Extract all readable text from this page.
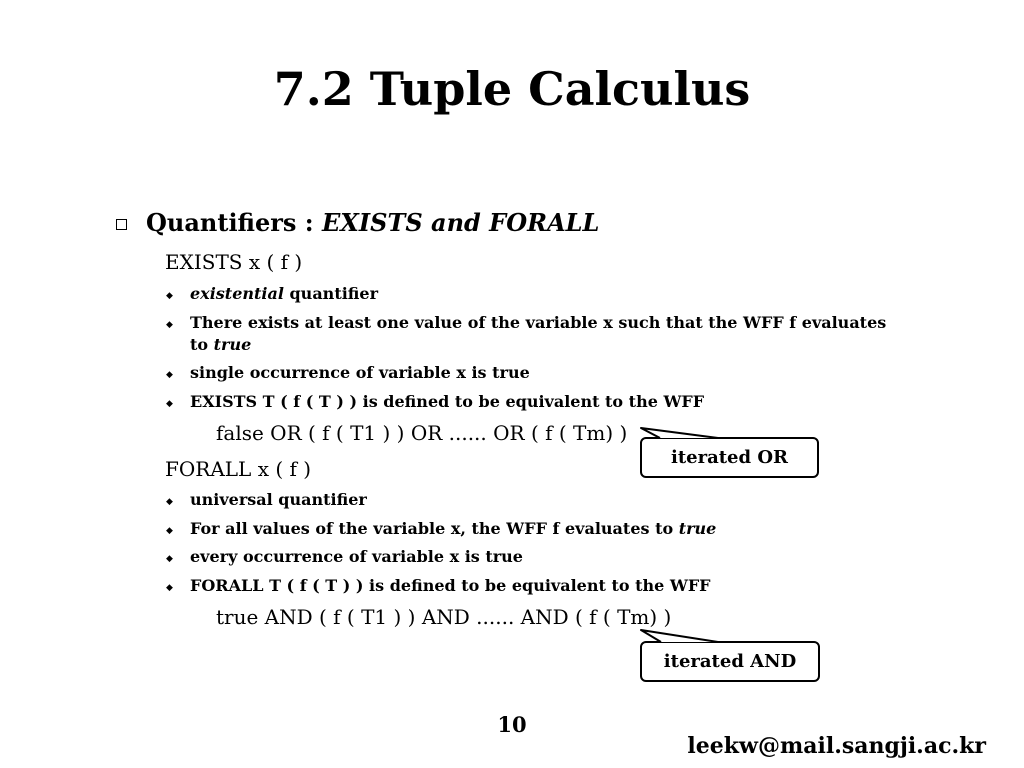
7.2 Tuple Calculus
Quantifiers : EXISTS and FORALL
EXISTS x ( f )
◆ existential quantifier
◆ There exists at least one value of the variable x such that the WFF f evaluates
to true
◆ single occurrence of variable x is true
◆ EXISTS T ( f ( T ) ) is defined to be equivalent to the WFF
false OR ( f ( T1 ) ) OR ...... OR ( f ( Tm) )
FORALL x ( f )
◆ universal quantifier
◆ For all values of the variable x, the WFF f evaluates to true
◆ every occurrence of variable x is true
◆ FORALL T ( f ( T ) ) is defined to be equivalent to the WFF
true AND ( f ( T1 ) ) AND ...... AND ( f ( Tm) )
iterated OR
iterated AND
10
leekw@mail.sangji.ac.kr
